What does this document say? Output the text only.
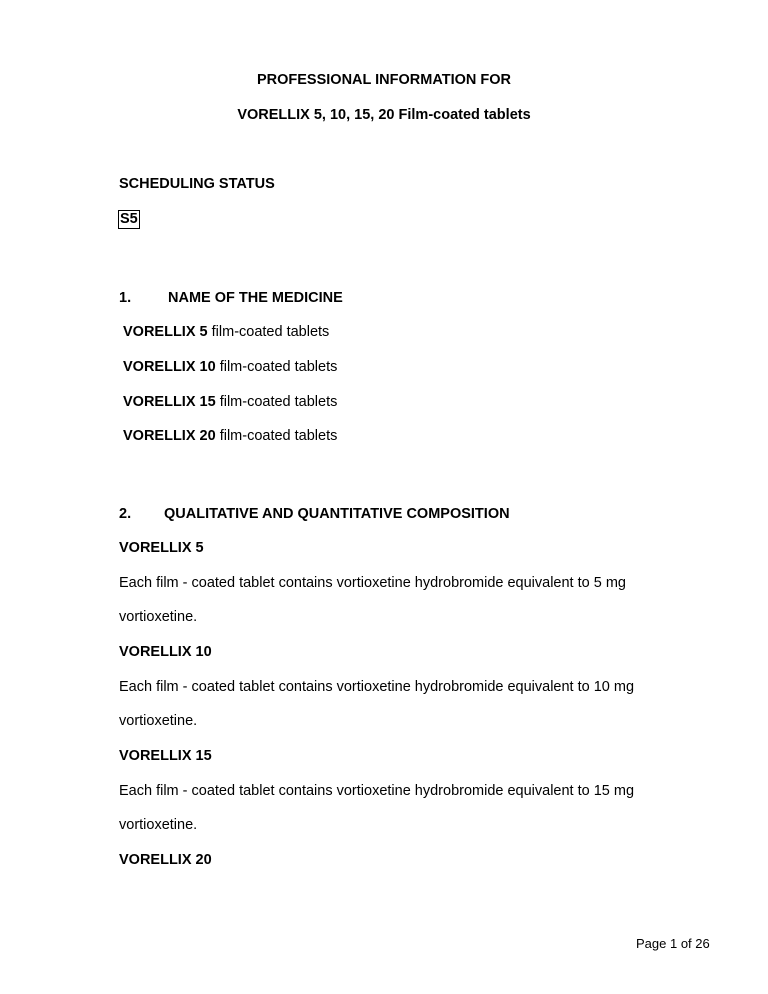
PROFESSIONAL INFORMATION FOR
VORELLIX 5, 10, 15, 20 Film-coated tablets
SCHEDULING STATUS
S5
1.	NAME OF THE MEDICINE
VORELLIX 5 film-coated tablets
VORELLIX 10 film-coated tablets
VORELLIX 15 film-coated tablets
VORELLIX 20 film-coated tablets
2. QUALITATIVE AND QUANTITATIVE COMPOSITION
VORELLIX 5
Each film - coated tablet contains vortioxetine hydrobromide equivalent to 5 mg
vortioxetine.
VORELLIX 10
Each film - coated tablet contains vortioxetine hydrobromide equivalent to 10 mg
vortioxetine.
VORELLIX 15
Each film - coated tablet contains vortioxetine hydrobromide equivalent to 15 mg
vortioxetine.
VORELLIX 20
Page 1 of 26
